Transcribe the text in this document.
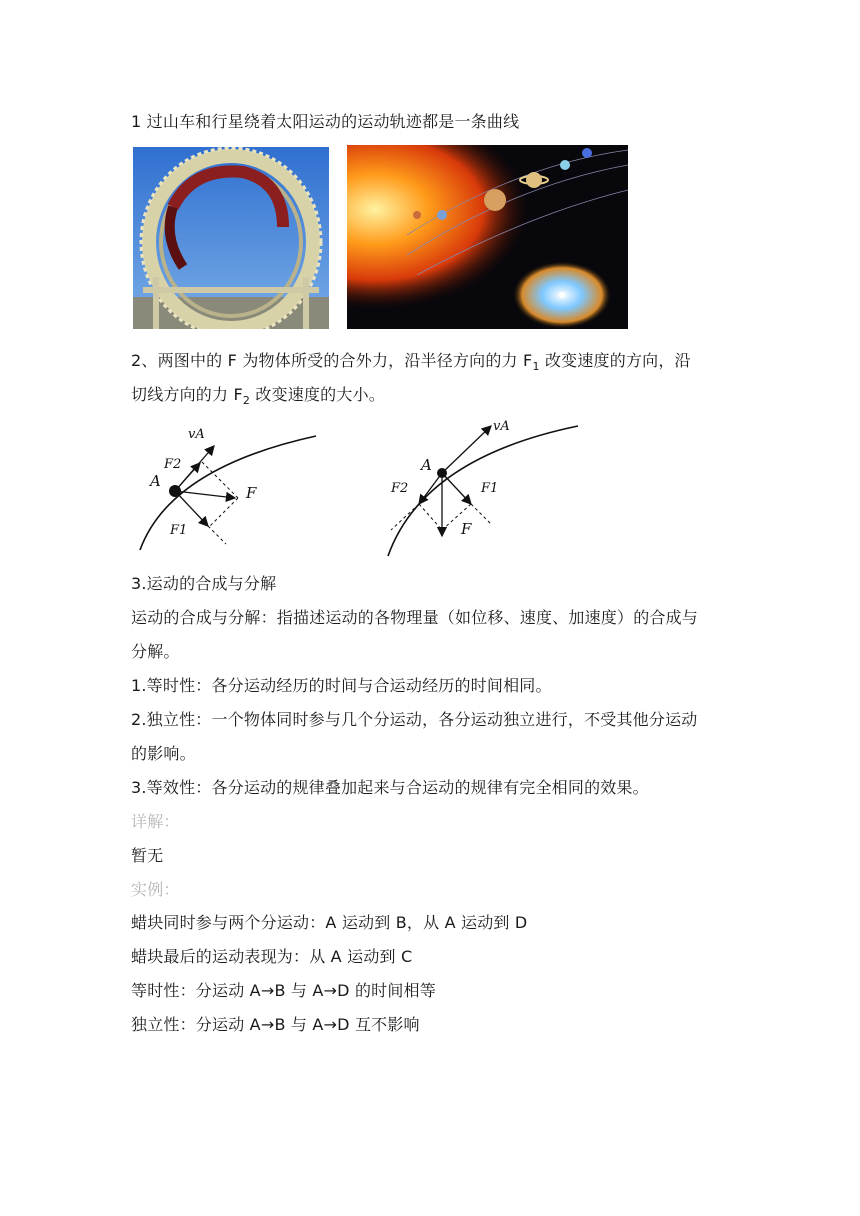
1 过山车和行星绕着太阳运动的运动轨迹都是一条曲线
2、两图中的 F 为物体所受的合外力，沿半径方向的力 $F_1$ 改变速度的方向，沿
切线方向的力 $F_2$ 改变速度的大小。
vA
F2
A
F
F1
vA
A
F2	F1
F
3.运动的合成与分解
运动的合成与分解：指描述运动的各物理量（如位移、速度、加速度）的合成与
分解。
1.等时性：各分运动经历的时间与合运动经历的时间相同。
2.独立性：一个物体同时参与几个分运动，各分运动独立进行，不受其他分运动
的影响。
3.等效性：各分运动的规律叠加起来与合运动的规律有完全相同的效果。
详解：
暂无
实例：
蜡块同时参与两个分运动：A 运动到 B，从 A 运动到 D
蜡块最后的运动表现为：从 A 运动到 C
等时性：分运动 A→B 与 A→D 的时间相等
独立性：分运动 A→B 与 A→D 互不影响
